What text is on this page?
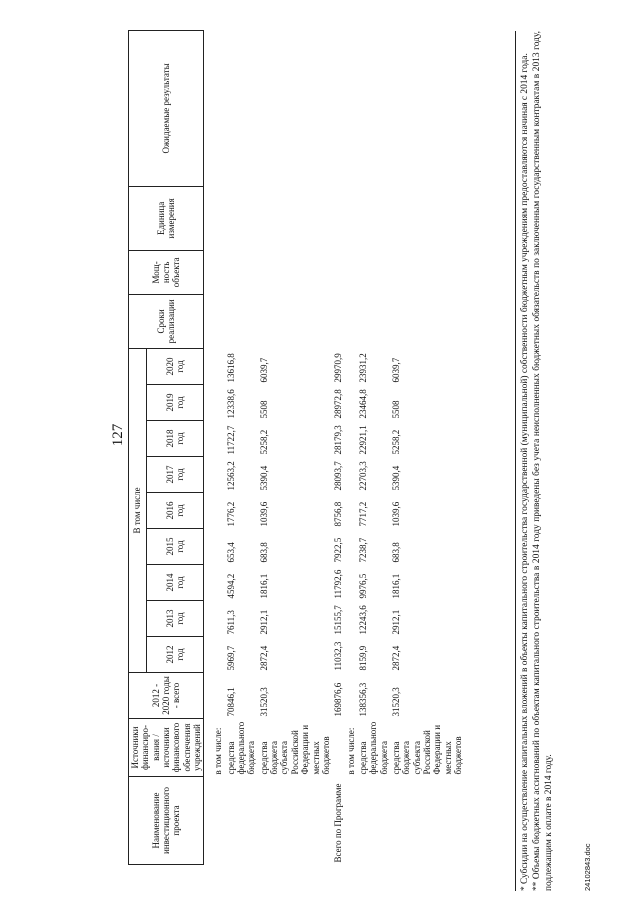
127
Наименование инвестиционного проекта	Источники финансиро-вания / источники финансового обеспечения учреждений	2012 - 2020 годы - всего	В том числе									Сроки реализации	Мощ-ность объекта	Единица измерения	Ожидаемые результаты
			2012 год	2013 год	2014 год	2015 год	2016 год	2017 год	2018 год	2019 год	2020 год				

	в том числе:														
	средства федерального бюджета	70846,1	5969,7	7611,3	4594,2	653,4	1776,2	12563,2	11722,7	12338,6	13616,8				
	средства бюджета субъекта Российской Федерации и местных бюджетов	31520,3	2872,4	2912,1	1816,1	683,8	1039,6	5390,4	5258,2	5508	6039,7				
Всего по Программе		169876,6	11032,3	15155,7	11792,6	7922,5	8756,8	28093,7	28179,3	28972,8	29970,9				
	в том числе:														
	средства федерального бюджета	138356,3	8159,9	12243,6	9976,5	7238,7	7717,2	22703,3	22921,1	23464,8	23931,2				
	средства бюджета субъекта Российской Федерации и местных бюджетов	31520,3	2872,4	2912,1	1816,1	683,8	1039,6	5390,4	5258,2	5508	6039,7					* Субсидии на осуществление капитальных вложений в объекты капитального строительства государственной (муниципальной) собственности бюджетным учреждениям предоставляются начиная с 2014 года. ** Объемы бюджетных ассигнований по объектам капитального строительства в 2014 году приведены без учета неисполненных бюджетных обязательств по заключенным государственным контрактам в 2013 году, подлежащим к оплате в 2014 году.	24102843.doc
